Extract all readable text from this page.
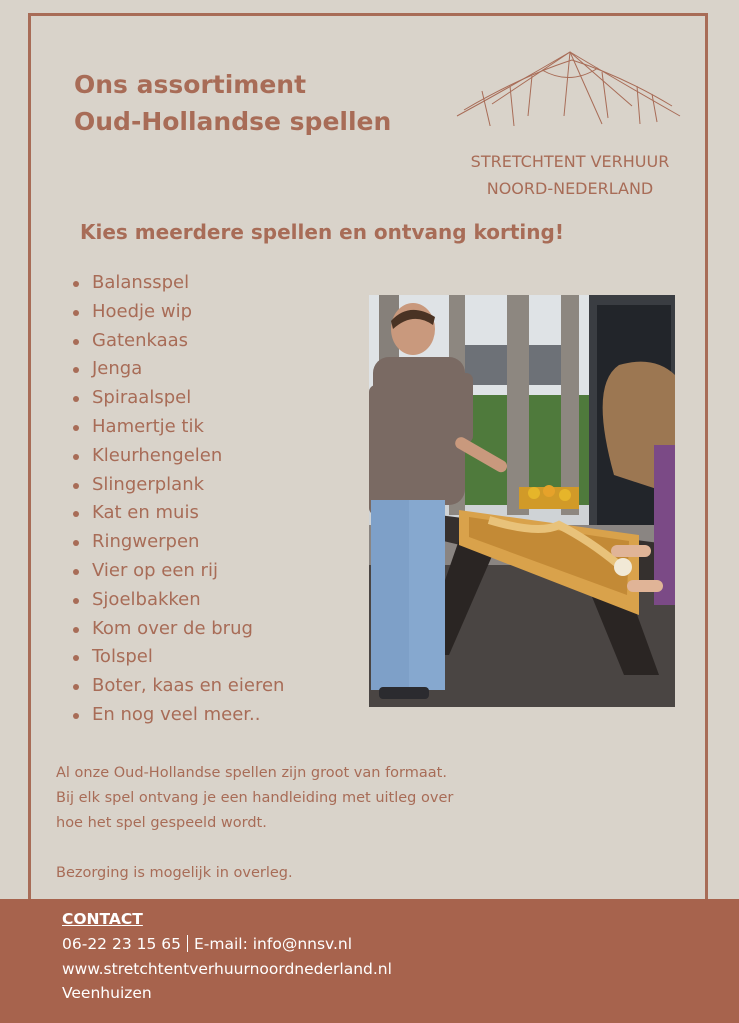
Ons assortiment
Oud-Hollandse spellen
STRETCHTENT VERHUUR
NOORD-NEDERLAND
Kies meerdere spellen en ontvang korting!
Balansspel
Hoedje wip
Gatenkaas
Jenga
Spiraalspel
Hamertje tik
Kleurhengelen
Slingerplank
Kat en muis
Ringwerpen
Vier op een rij
Sjoelbakken
Kom over de brug
Tolspel
Boter, kaas en eieren
En nog veel meer..

Al onze Oud-Hollandse spellen zijn groot van formaat.

Bij elk spel ontvang je een handleiding met uitleg over

hoe het spel gespeeld wordt.

Bezorging is mogelijk in overleg.

CONTACT
06-22 23 15 65 E-mail: info@nnsv.nl
www.stretchtentverhuurnoordnederland.nl
Veenhuizen
